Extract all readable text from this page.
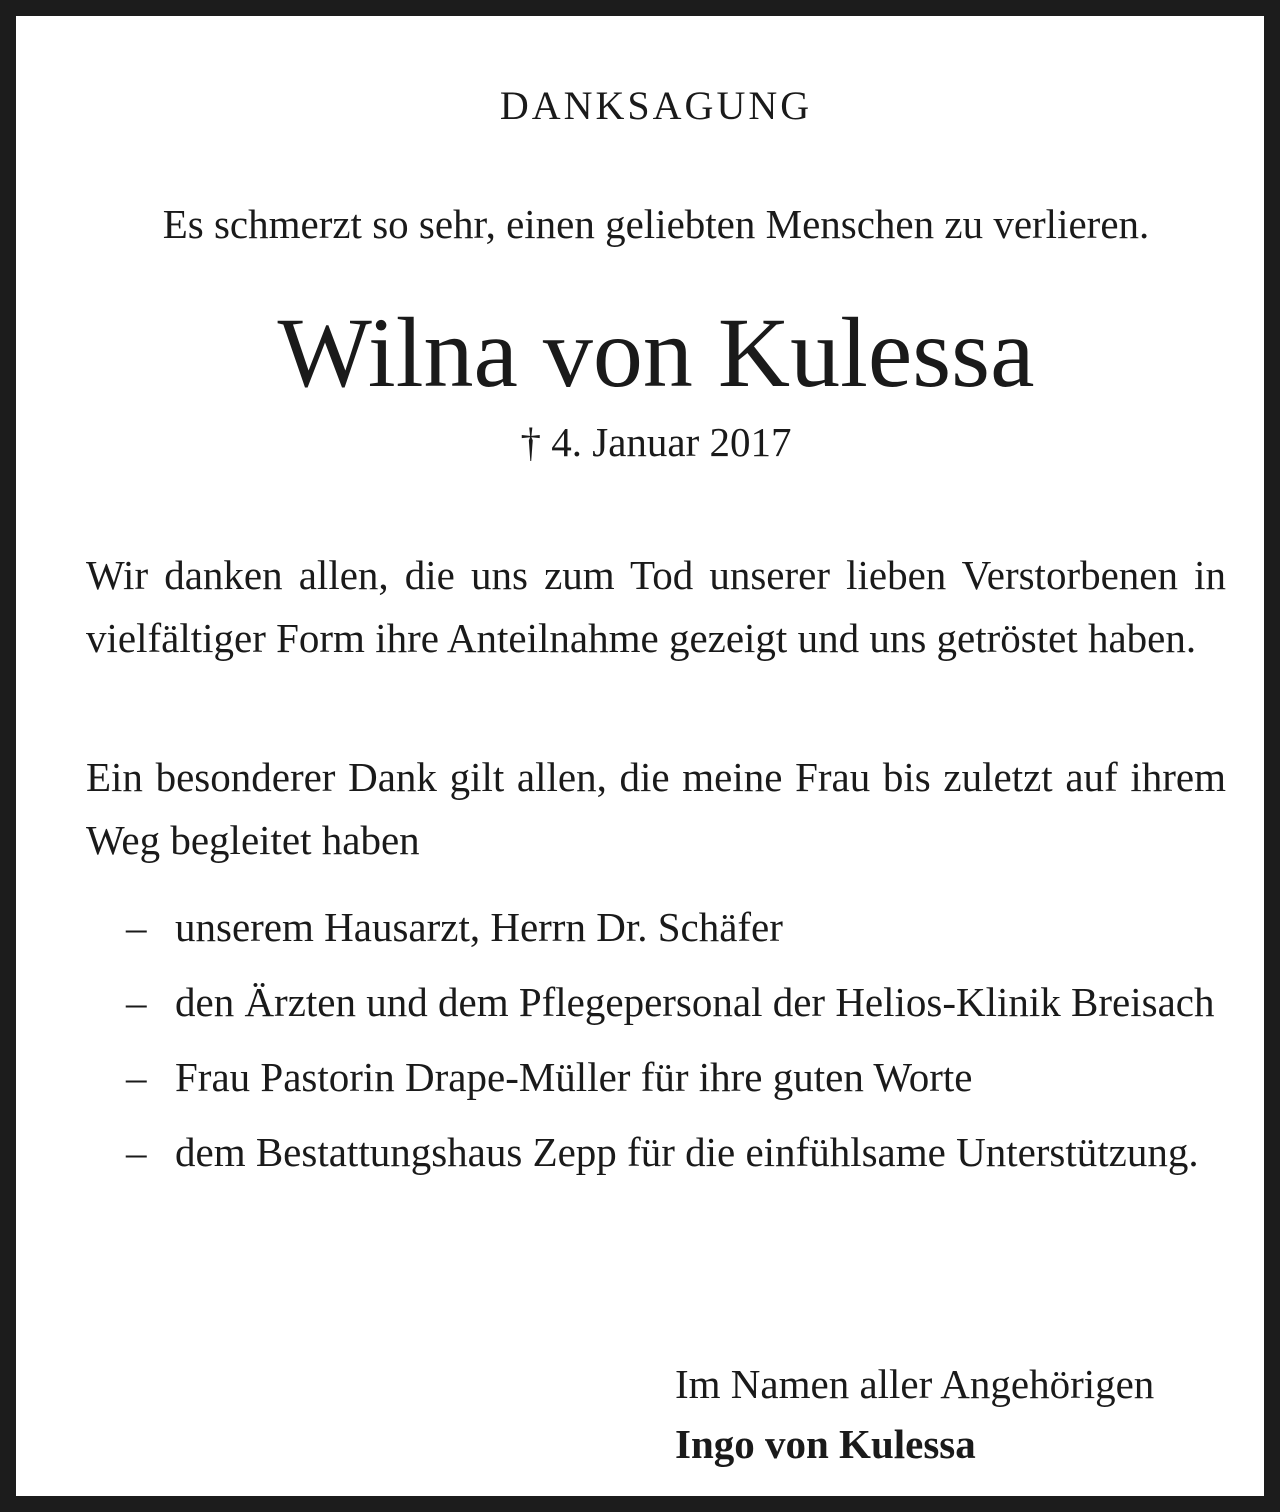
DANKSAGUNG
Es schmerzt so sehr, einen geliebten Menschen zu verlieren.
Wilna von Kulessa
† 4. Januar 2017

Wir danken allen, die uns zum Tod unserer lieben Verstorbenen in vielfältiger Form ihre Anteilnahme gezeigt und uns getröstet haben.

Ein besonderer Dank gilt allen, die meine Frau bis zuletzt auf ihrem Weg begleitet haben

– unserem Hausarzt, Herrn Dr. Schäfer
– den Ärzten und dem Pflegepersonal der Helios-Klinik Breisach
– Frau Pastorin Drape-Müller für ihre guten Worte
– dem Bestattungshaus Zepp für die einfühlsame Unterstützung.
Im Namen aller Angehörigen
Ingo von Kulessa
